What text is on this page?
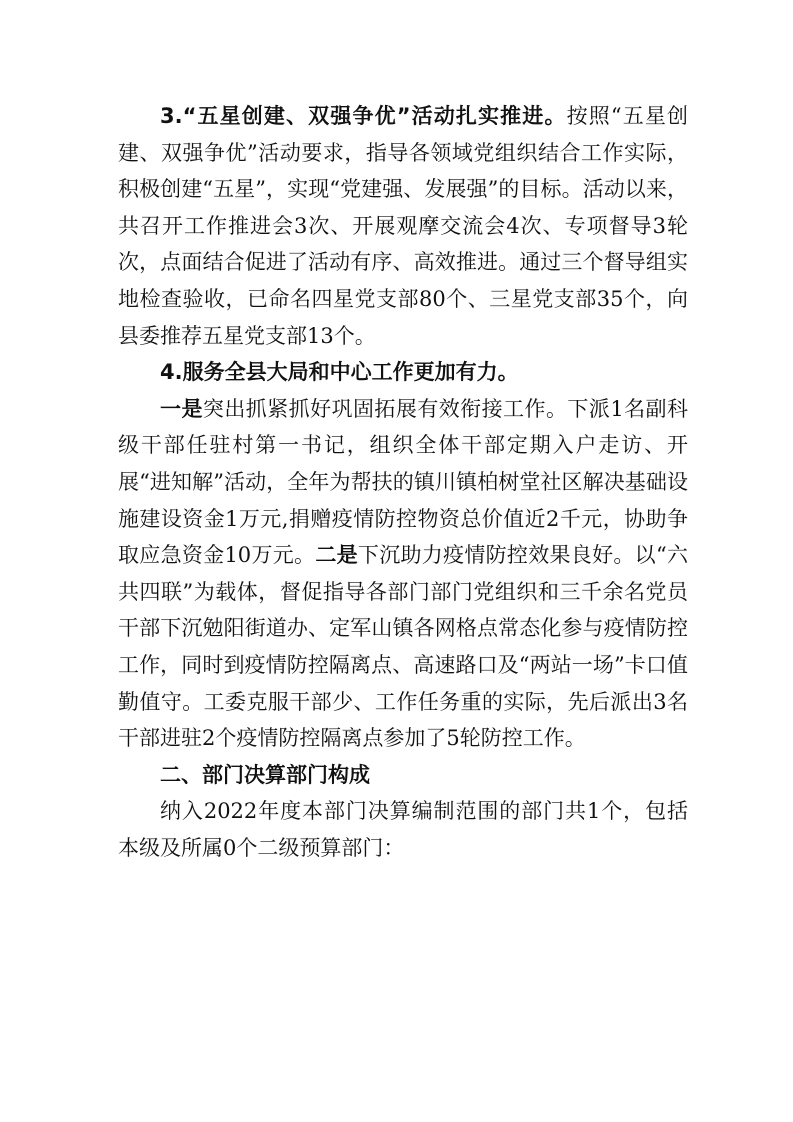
3.“五星创建、双强争优”活动扎实推进。按照“五星创建、双强争优”活动要求，指导各领域党组织结合工作实际，积极创建“五星”，实现“党建强、发展强”的目标。活动以来，共召开工作推进会3次、开展观摩交流会4次、专项督导3轮次，点面结合促进了活动有序、高效推进。通过三个督导组实地检查验收，已命名四星党支部80个、三星党支部35个，向县委推荐五星党支部13个。

4.服务全县大局和中心工作更加有力。

一是突出抓紧抓好巩固拓展有效衔接工作。下派1名副科级干部任驻村第一书记，组织全体干部定期入户走访、开展“进知解”活动，全年为帮扶的镇川镇柏树堂社区解决基础设施建设资金1万元,捐赠疫情防控物资总价值近2千元，协助争取应急资金10万元。二是下沉助力疫情防控效果良好。以“六共四联”为载体，督促指导各部门部门党组织和三千余名党员干部下沉勉阳街道办、定军山镇各网格点常态化参与疫情防控工作，同时到疫情防控隔离点、高速路口及“两站一场”卡口值勤值守。工委克服干部少、工作任务重的实际，先后派出3名干部进驻2个疫情防控隔离点参加了5轮防控工作。

二、部门决算部门构成

纳入2022年度本部门决算编制范围的部门共1个，包括本级及所属0个二级预算部门：
